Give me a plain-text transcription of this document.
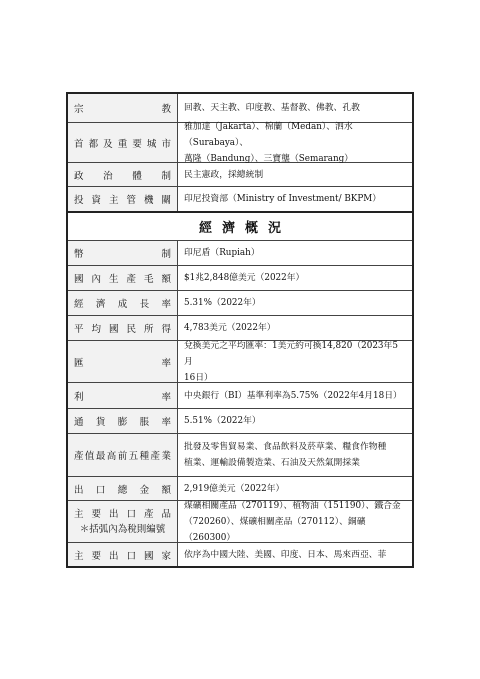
宗教 回教、天主教、印度教、基督教、佛教、孔教
首都及重要城市
雅加達（Jakarta）、棉蘭（Medan）、泗水（Surabaya）、
萬隆（Bandung）、三寶壟（Semarang）
政治體制 民主憲政，採總統制
投資主管機關 印尼投資部（Ministry of Investment/ BKPM）
經濟概況
幣制 印尼盾（Rupiah）
國內生產毛額 $1兆2,848億美元（2022年）
經濟成長率 5.31%（2022年）
平均國民所得 4,783美元（2022年）
匯率
兌換美元之平均匯率：1美元約可換14,820（2023年5月
16日）
利率 中央銀行（BI）基準利率為5.75%（2022年4月18日）
通貨膨脹率 5.51%（2022年）
產值最高前五種產業
批發及零售貿易業、食品飲料及菸草業、糧食作物種
植業、運輸設備製造業、石油及天然氣開採業
出口總金額 2,919億美元（2022年）
主要出口產品
＊括弧內為稅則編號
煤礦相關產品（270119）、植物油（151190）、鐵合金
（720260）、煤礦相關產品（270112）、銅礦（260300）
主要出口國家 依序為中國大陸、美國、印度、日本、馬來西亞、菲
